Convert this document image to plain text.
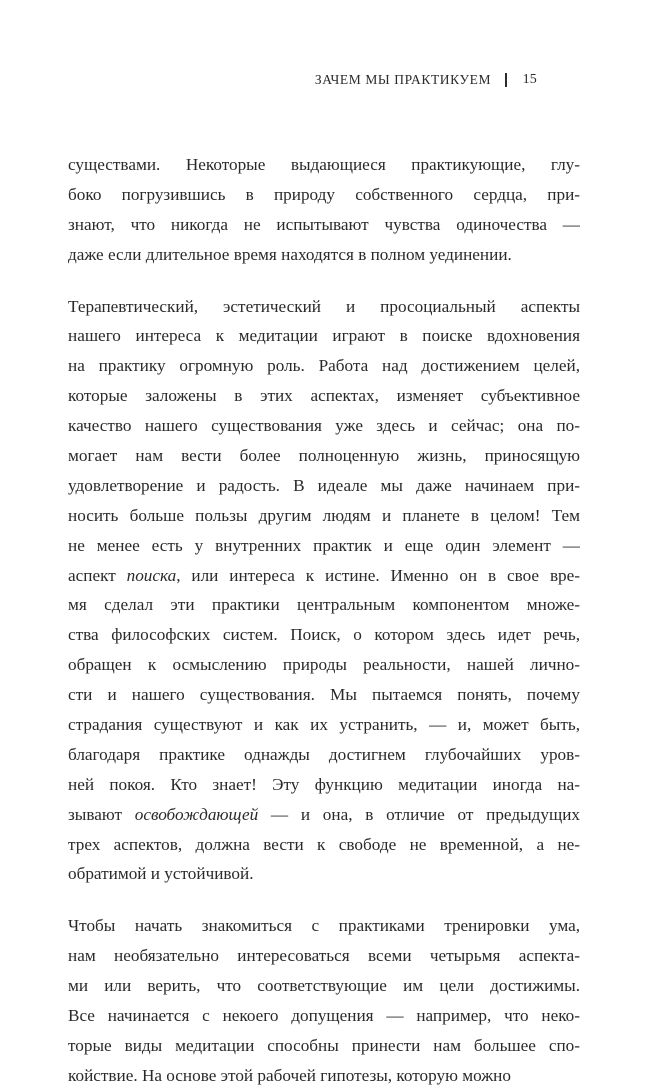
ЗАЧЕМ МЫ ПРАКТИКУЕМ 15
существами. Некоторые выдающиеся практикующие, глу-
боко погрузившись в природу собственного сердца, при-
знают, что никогда не испытывают чувства одиночества —
даже если длительное время находятся в полном уединении.
Терапевтический, эстетический и просоциальный аспекты
нашего интереса к медитации играют в поиске вдохновения
на практику огромную роль. Работа над достижением целей,
которые заложены в этих аспектах, изменяет субъективное
качество нашего существования уже здесь и сейчас; она по-
могает нам вести более полноценную жизнь, приносящую
удовлетворение и радость. В идеале мы даже начинаем при-
носить больше пользы другим людям и планете в целом! Тем
не менее есть у внутренних практик и еще один элемент —
аспект поиска, или интереса к истине. Именно он в свое вре-
мя сделал эти практики центральным компонентом множе-
ства философских систем. Поиск, о котором здесь идет речь,
обращен к осмыслению природы реальности, нашей лично-
сти и нашего существования. Мы пытаемся понять, почему
страдания существуют и как их устранить, — и, может быть,
благодаря практике однажды достигнем глубочайших уров-
ней покоя. Кто знает! Эту функцию медитации иногда на-
зывают освобождающей — и она, в отличие от предыдущих
трех аспектов, должна вести к свободе не временной, а не-
обратимой и устойчивой.
Чтобы начать знакомиться с практиками тренировки ума,
нам необязательно интересоваться всеми четырьмя аспекта-
ми или верить, что соответствующие им цели достижимы.
Все начинается с некоего допущения — например, что неко-
торые виды медитации способны принести нам большее спо-
койствие. На основе этой рабочей гипотезы, которую можно
